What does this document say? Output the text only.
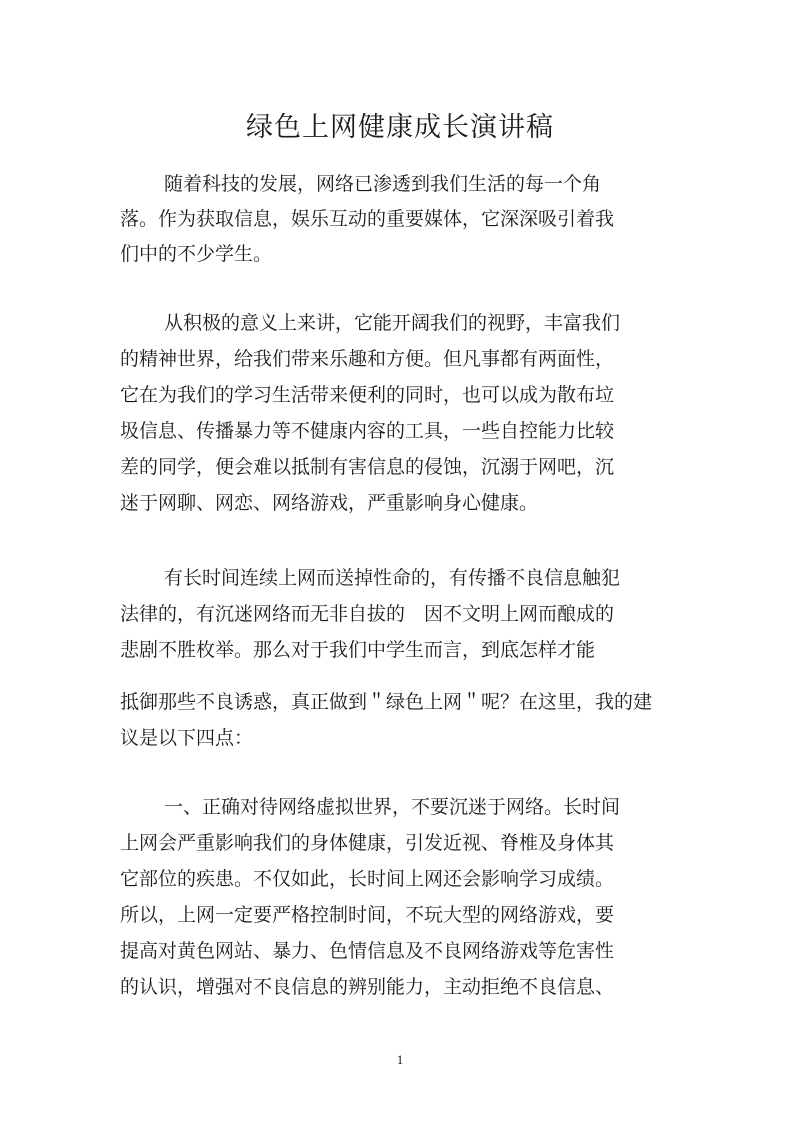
绿色上网健康成长演讲稿
随着科技的发展，网络已渗透到我们生活的每一个角
落。作为获取信息，娱乐互动的重要媒体，它深深吸引着我
们中的不少学生。
从积极的意义上来讲，它能开阔我们的视野，丰富我们
的精神世界，给我们带来乐趣和方便。但凡事都有两面性，
它在为我们的学习生活带来便利的同时，也可以成为散布垃
圾信息、传播暴力等不健康内容的工具，一些自控能力比较
差的同学，便会难以抵制有害信息的侵蚀，沉溺于网吧，沉
迷于网聊、网恋、网络游戏，严重影响身心健康。
有长时间连续上网而送掉性命的，有传播不良信息触犯
法律的，有沉迷网络而无非自拔的　因不文明上网而酿成的
悲剧不胜枚举。那么对于我们中学生而言，到底怎样才能
抵御那些不良诱惑，真正做到＂绿色上网＂呢？在这里，我的建
议是以下四点：
一、正确对待网络虚拟世界，不要沉迷于网络。长时间
上网会严重影响我们的身体健康，引发近视、脊椎及身体其
它部位的疾患。不仅如此，长时间上网还会影响学习成绩。
所以，上网一定要严格控制时间，不玩大型的网络游戏，要
提高对黄色网站、暴力、色情信息及不良网络游戏等危害性
的认识，增强对不良信息的辨别能力，主动拒绝不良信息、
1
